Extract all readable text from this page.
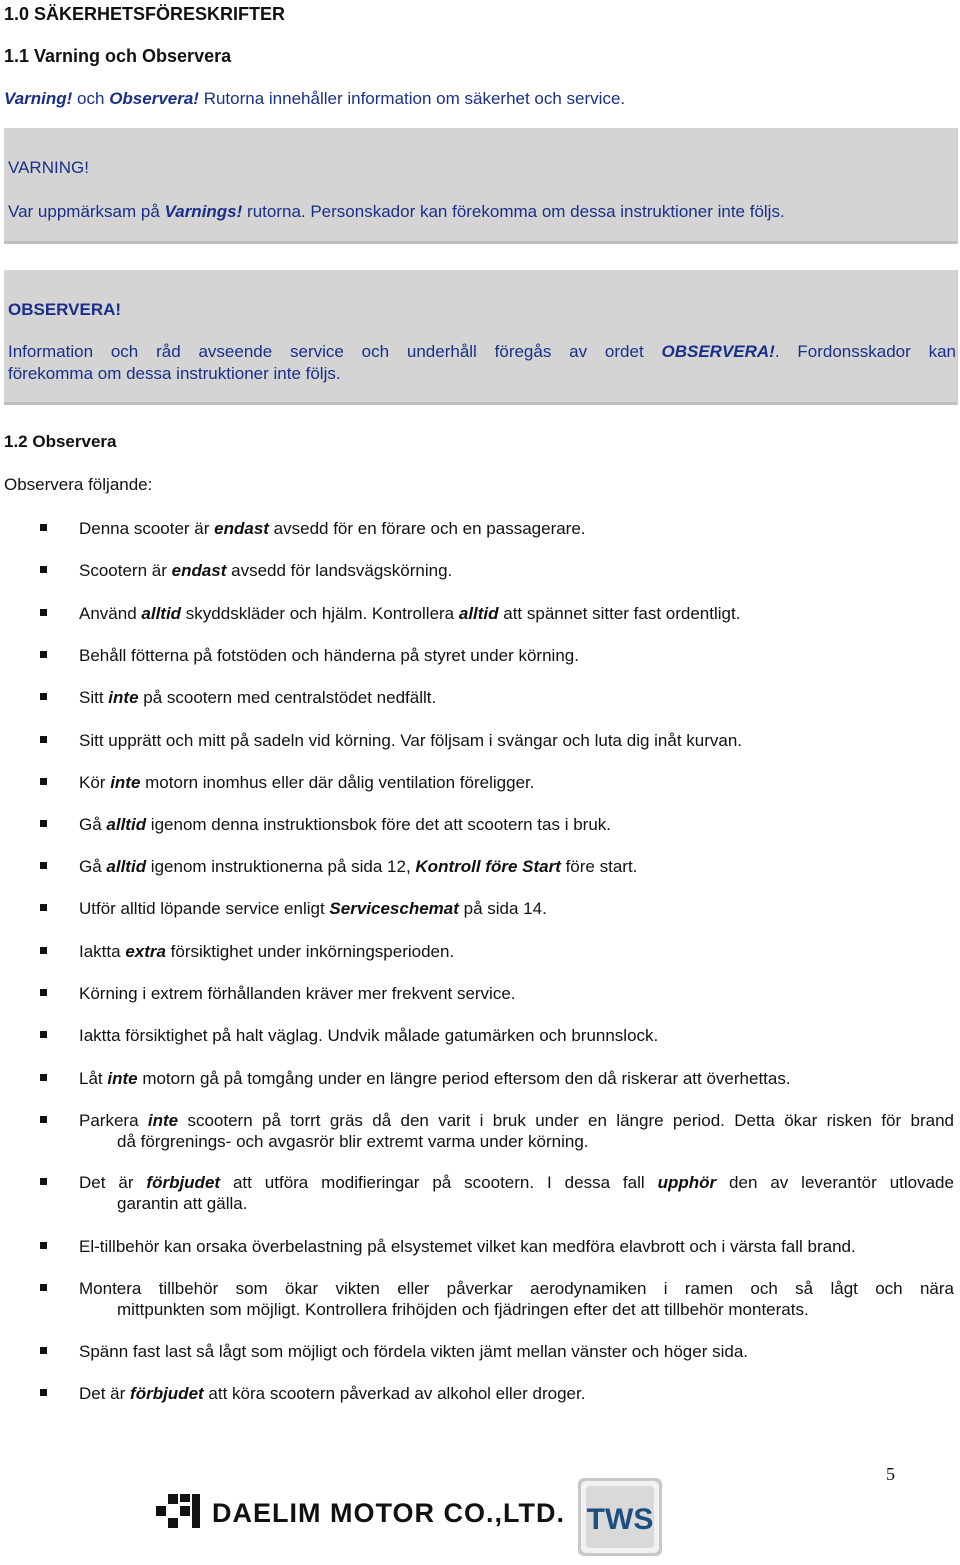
1.0 SÄKERHETSFÖRESKRIFTER
1.1 Varning och Observera
Varning! och Observera! Rutorna innehåller information om säkerhet och service.
VARNING!
Var uppmärksam på Varnings! rutorna. Personskador kan förekomma om dessa instruktioner inte följs.
OBSERVERA!
Information och råd avseende service och underhåll föregås av ordet OBSERVERA!. Fordonsskador kan
förekomma om dessa instruktioner inte följs.
1.2 Observera
Observera följande:
Denna scooter är endast avsedd för en förare och en passagerare.
Scootern är endast avsedd för landsvägskörning.
Använd alltid skyddskläder och hjälm. Kontrollera alltid att spännet sitter fast ordentligt.
Behåll fötterna på fotstöden och händerna på styret under körning.
Sitt inte på scootern med centralstödet nedfällt.
Sitt upprätt och mitt på sadeln vid körning. Var följsam i svängar och luta dig inåt kurvan.
Kör inte motorn inomhus eller där dålig ventilation föreligger.
Gå alltid igenom denna instruktionsbok före det att scootern tas i bruk.
Gå alltid igenom instruktionerna på sida 12, Kontroll före Start före start.
Utför alltid löpande service enligt Serviceschemat på sida 14.
Iaktta extra försiktighet under inkörningsperioden.
Körning i extrem förhållanden kräver mer frekvent service.
Iaktta försiktighet på halt väglag. Undvik målade gatumärken och brunnslock.
Låt inte motorn gå på tomgång under en längre period eftersom den då riskerar att överhettas.
Parkera inte scootern på torrt gräs då den varit i bruk under en längre period. Detta ökar risken för brand
då förgrenings- och avgasrör blir extremt varma under körning.
Det är förbjudet att utföra modifieringar på scootern. I dessa fall upphör den av leverantör utlovade
garantin att gälla.
El-tillbehör kan orsaka överbelastning på elsystemet vilket kan medföra elavbrott och i värsta fall brand.
Montera tillbehör som ökar vikten eller påverkar aerodynamiken i ramen och så lågt och nära
mittpunkten som möjligt. Kontrollera frihöjden och fjädringen efter det att tillbehör monterats.
Spänn fast last så lågt som möjligt och fördela vikten jämt mellan vänster och höger sida.
Det är förbjudet att köra scootern påverkad av alkohol eller droger.
5
DAELIM MOTOR CO.,LTD. TWS
